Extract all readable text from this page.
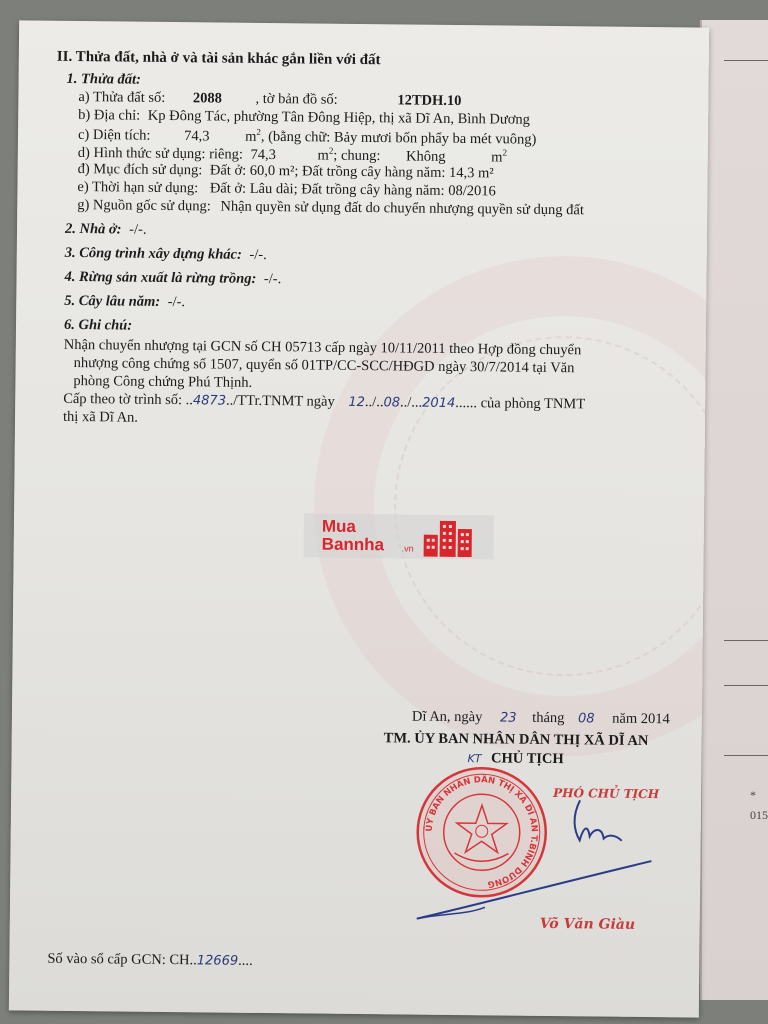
*
015
II. Thửa đất, nhà ở và tài sản khác gắn liền với đất
1. Thửa đất:
a) Thửa đất số: 2088 , tờ bản đồ số:	12TDH.10
b) Địa chỉ: Kp Đông Tác, phường Tân Đông Hiệp, thị xã Dĩ An, Bình Dương
c) Diện tích: 74,3 $m^2$, (bằng chữ: Bảy mươi bốn phẩy ba mét vuông)
d) Hình thức sử dụng: riêng: 74,3	$m^2$; chung: Không	$m^2$
đ) Mục đích sử dụng: Đất ở: 60,0 m²; Đất trồng cây hàng năm: 14,3 m²
e) Thời hạn sử dụng: Đất ở: Lâu dài; Đất trồng cây hàng năm: 08/2016
g) Nguồn gốc sử dụng: Nhận quyền sử dụng đất do chuyển nhượng quyền sử dụng đất
2. Nhà ở: -/-.
3. Công trình xây dựng khác: -/-.
4. Rừng sản xuất là rừng trồng: -/-.
5. Cây lâu năm: -/-.
6. Ghi chú:
Nhận chuyển nhượng tại GCN số CH 05713 cấp ngày 10/11/2011 theo Hợp đồng chuyển
nhượng công chứng số 1507, quyển số 01TP/CC-SCC/HĐGD ngày 30/7/2014 tại Văn
phòng Công chứng Phú Thịnh.
Cấp theo tờ trình số: ..4873../TTr.TNMT ngày 12../..08../...2014...... của phòng TNMT
thị xã Dĩ An.
Dĩ An, ngày 23 tháng 08 năm 2014
TM. ỦY BAN NHÂN DÂN THỊ XÃ DĨ AN
KT CHỦ TỊCH
PHÓ CHỦ TỊCH
Võ Văn Giàu
Số vào sổ cấp GCN: CH..12669....
Mua
Bannha .vn
ỦY BAN NHÂN DÂN THỊ XÃ DĨ AN T.BÌNH DƯƠNG
